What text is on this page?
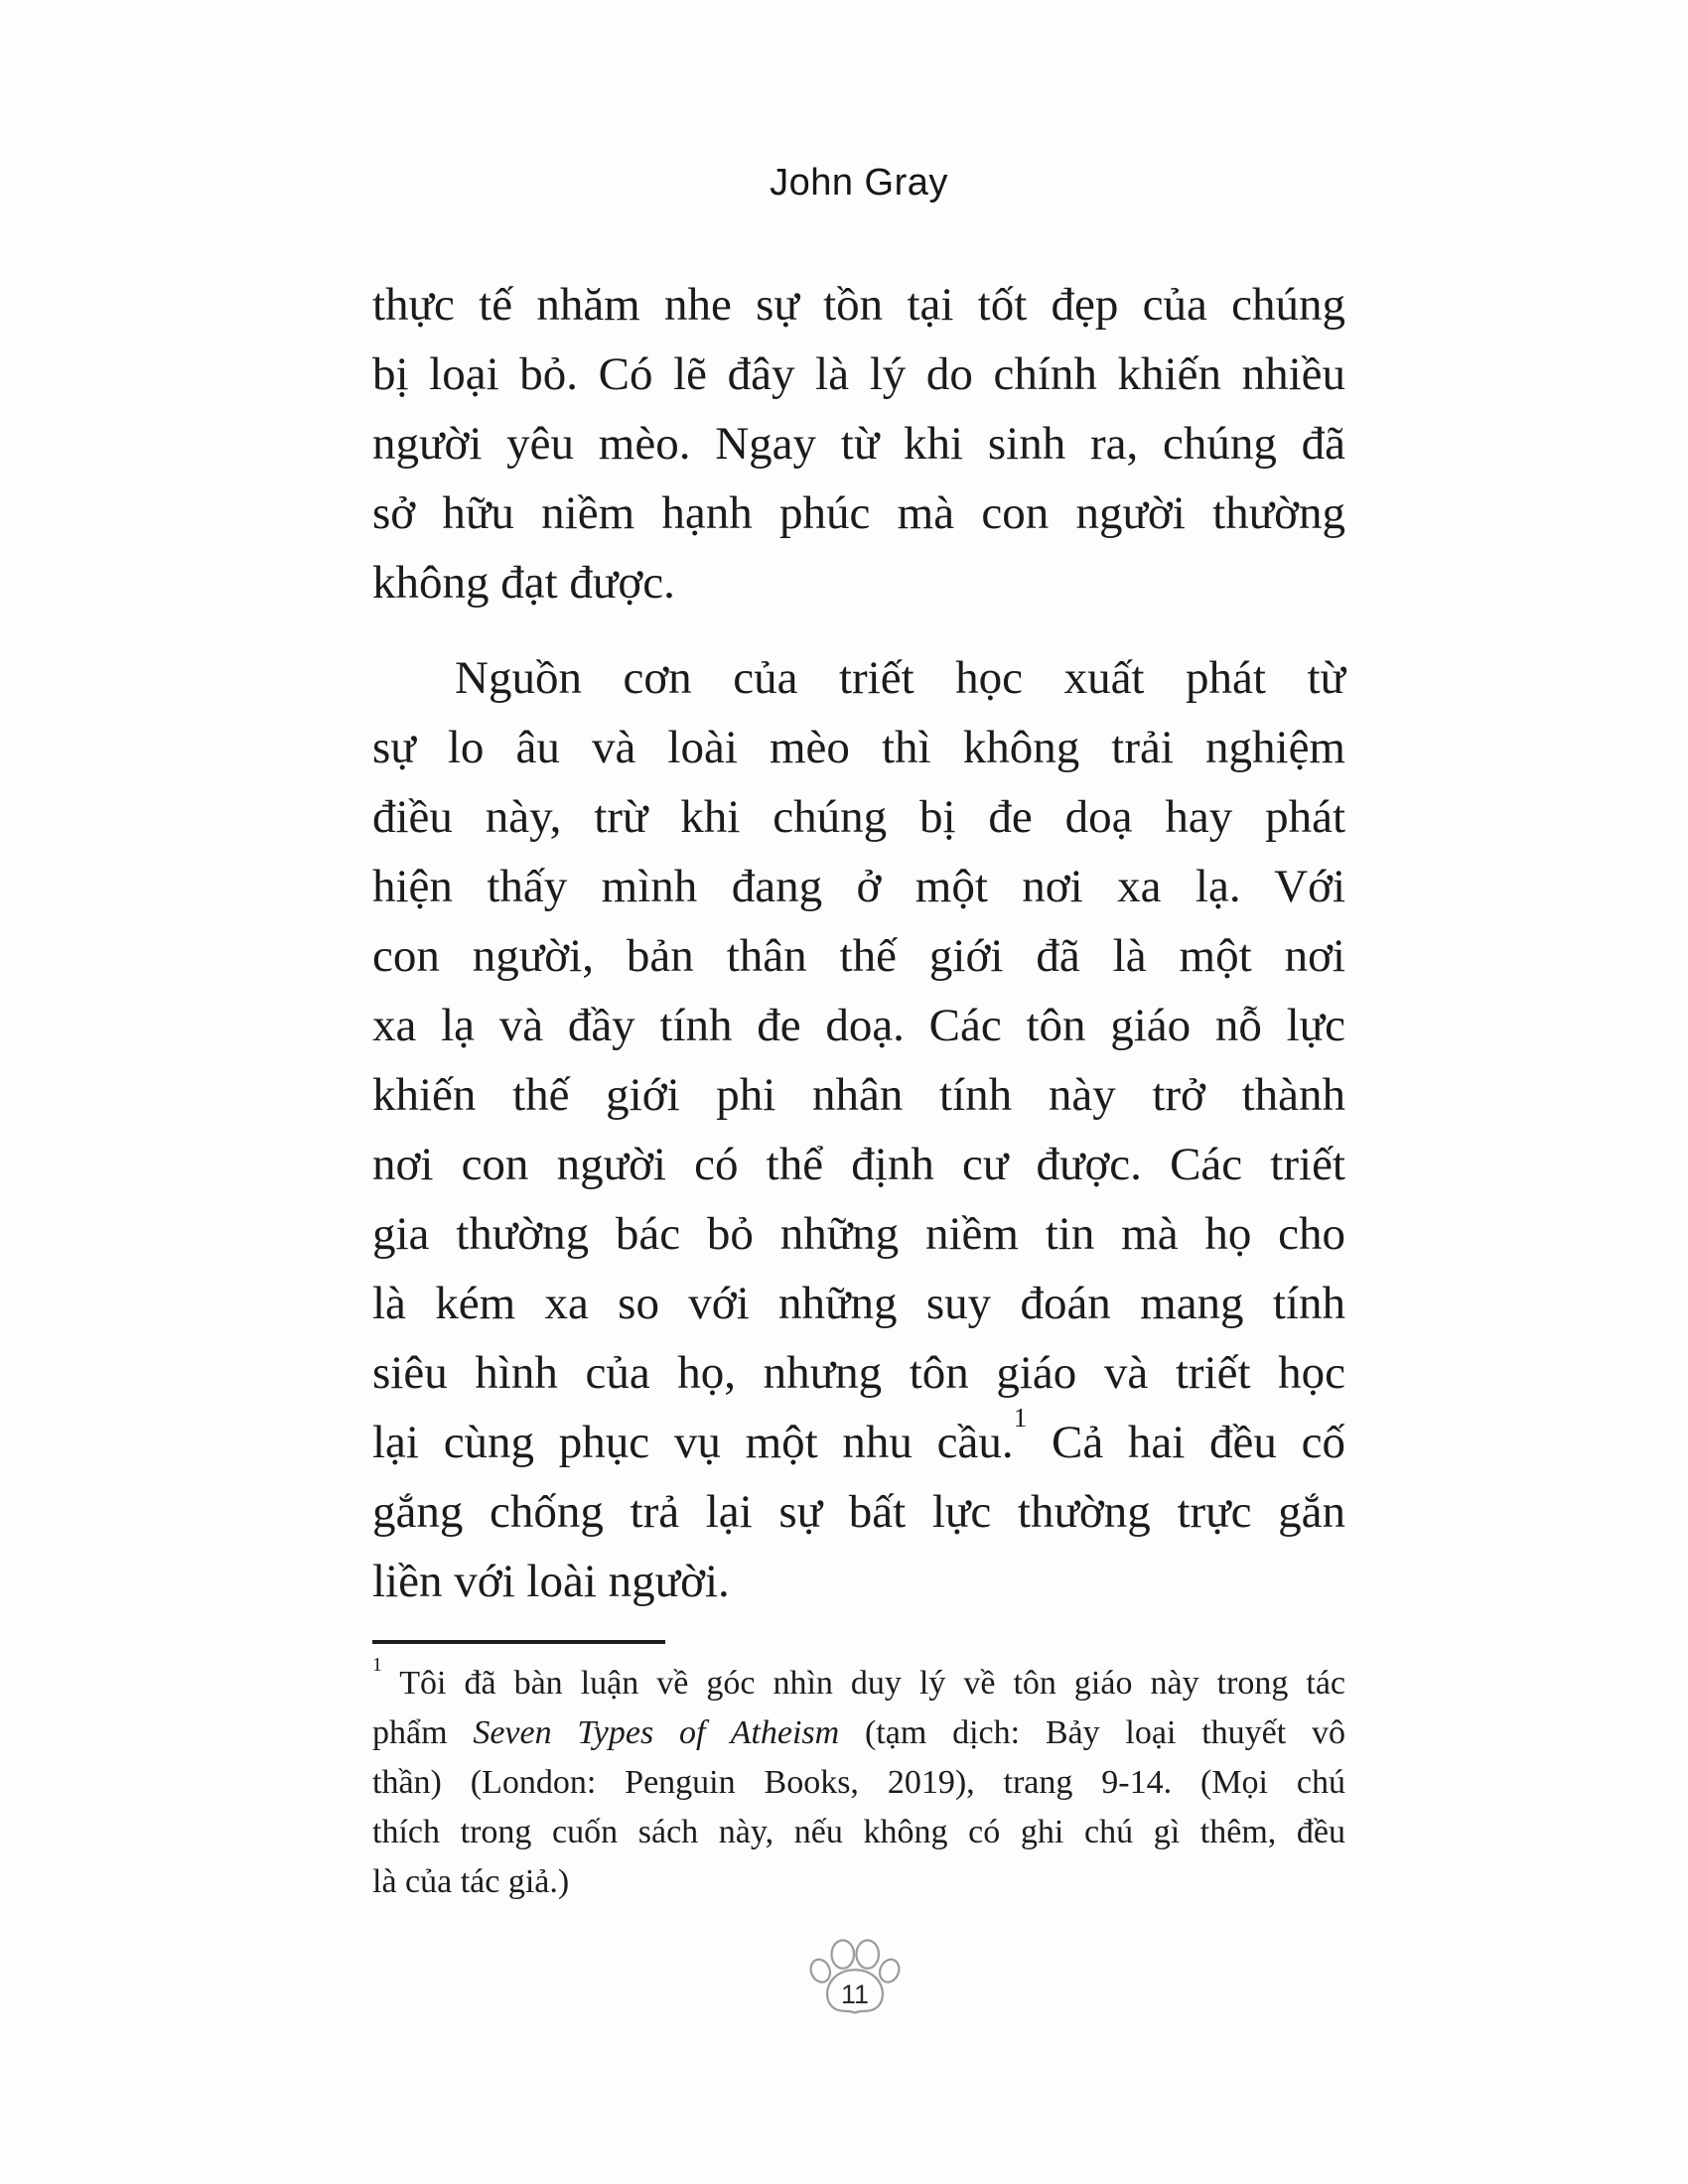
John Gray
thực tế nhăm nhe sự tồn tại tốt đẹp của chúng
bị loại bỏ. Có lẽ đây là lý do chính khiến nhiều
người yêu mèo. Ngay từ khi sinh ra, chúng đã
sở hữu niềm hạnh phúc mà con người thường
không đạt được.
Nguồn cơn của triết học xuất phát từ
sự lo âu và loài mèo thì không trải nghiệm
điều này, trừ khi chúng bị đe doạ hay phát
hiện thấy mình đang ở một nơi xa lạ. Với
con người, bản thân thế giới đã là một nơi
xa lạ và đầy tính đe doạ. Các tôn giáo nỗ lực
khiến thế giới phi nhân tính này trở thành
nơi con người có thể định cư được. Các triết
gia thường bác bỏ những niềm tin mà họ cho
là kém xa so với những suy đoán mang tính
siêu hình của họ, nhưng tôn giáo và triết học
lại cùng phục vụ một nhu cầu.$^1$ Cả hai đều cố
gắng chống trả lại sự bất lực thường trực gắn
liền với loài người.
$^1$ Tôi đã bàn luận về góc nhìn duy lý về tôn giáo này trong tác
phẩm Seven Types of Atheism (tạm dịch: Bảy loại thuyết vô
thần) (London: Penguin Books, 2019), trang 9-14. (Mọi chú
thích trong cuốn sách này, nếu không có ghi chú gì thêm, đều
là của tác giả.)
11
